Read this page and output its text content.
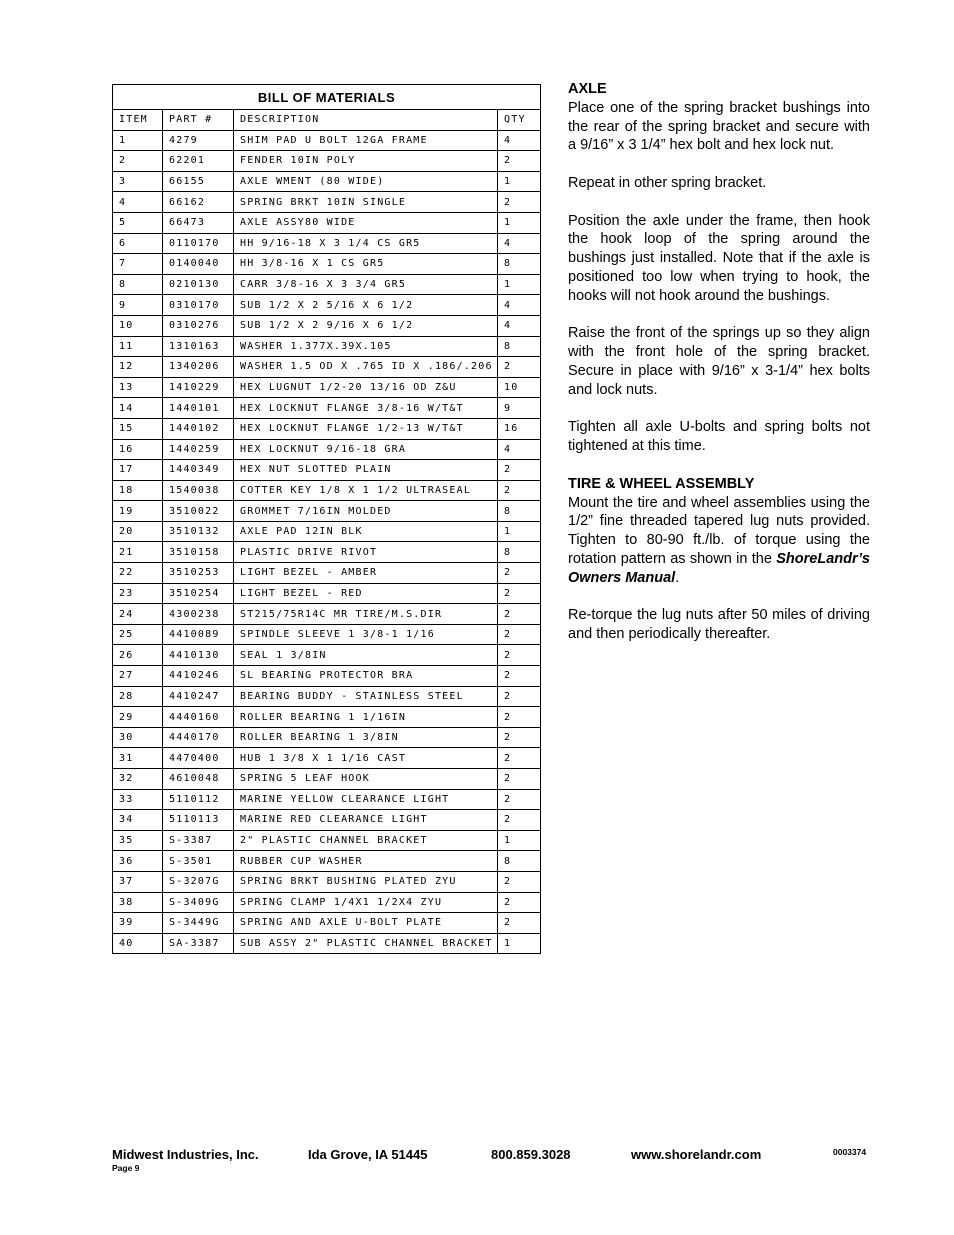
BILL OF MATERIALS			
ITEM	PART #	DESCRIPTION	QTY
1	4279	SHIM PAD U BOLT 12GA FRAME	4
2	62201	FENDER 10IN POLY	2
3	66155	AXLE WMENT (80 WIDE)	1
4	66162	SPRING BRKT 10IN SINGLE	2
5	66473	AXLE ASSY80 WIDE	1
6	0110170	HH 9/16-18 X 3 1/4 CS GR5	4
7	0140040	HH 3/8-16 X 1 CS GR5	8
8	0210130	CARR 3/8-16 X 3 3/4 GR5	1
9	0310170	SUB 1/2 X 2 5/16 X 6 1/2	4
10	0310276	SUB 1/2 X 2 9/16 X 6 1/2	4
11	1310163	WASHER 1.377X.39X.105	8
12	1340206	WASHER 1.5 OD X .765 ID X .186/.206	2
13	1410229	HEX LUGNUT 1/2-20 13/16 OD Z&U	10
14	1440101	HEX LOCKNUT FLANGE 3/8-16 W/T&T	9
15	1440102	HEX LOCKNUT FLANGE 1/2-13 W/T&T	16
16	1440259	HEX LOCKNUT 9/16-18 GRA	4
17	1440349	HEX NUT SLOTTED PLAIN	2
18	1540038	COTTER KEY 1/8 X 1 1/2 ULTRASEAL	2
19	3510022	GROMMET 7/16IN MOLDED	8
20	3510132	AXLE PAD 12IN BLK	1
21	3510158	PLASTIC DRIVE RIVOT	8
22	3510253	LIGHT BEZEL - AMBER	2
23	3510254	LIGHT BEZEL - RED	2
24	4300238	ST215/75R14C MR TIRE/M.S.DIR	2
25	4410089	SPINDLE SLEEVE 1 3/8-1 1/16	2
26	4410130	SEAL 1 3/8IN	2
27	4410246	SL BEARING PROTECTOR BRA	2
28	4410247	BEARING BUDDY - STAINLESS STEEL	2
29	4440160	ROLLER BEARING 1 1/16IN	2
30	4440170	ROLLER BEARING 1 3/8IN	2
31	4470400	HUB 1 3/8 X 1 1/16 CAST	2
32	4610048	SPRING 5 LEAF HOOK	2
33	5110112	MARINE YELLOW CLEARANCE LIGHT	2
34	5110113	MARINE RED CLEARANCE LIGHT	2
35	S-3387	2" PLASTIC CHANNEL BRACKET	1
36	S-3501	RUBBER CUP WASHER	8
37	S-3207G	SPRING BRKT BUSHING PLATED ZYU	2
38	S-3409G	SPRING CLAMP 1/4X1 1/2X4 ZYU	2
39	S-3449G	SPRING AND AXLE U-BOLT PLATE	2
40	SA-3387	SUB ASSY 2" PLASTIC CHANNEL BRACKET	1
AXLE

Place one of the spring bracket bushings into the rear of the spring bracket and secure with a 9/16” x 3 1/4” hex bolt and hex lock nut.

Repeat in other spring bracket.

Position the axle under the frame, then hook the hook loop of the spring around the bushings just installed. Note that if the axle is positioned too low when trying to hook, the hooks will not hook around the bushings.

Raise the front of the springs up so they align with the front hole of the spring bracket. Secure in place with 9/16” x 3-1/4” hex bolts and lock nuts.

Tighten all axle U-bolts and spring bolts not tightened at this time.

TIRE & WHEEL ASSEMBLY

Mount the tire and wheel assemblies using the 1/2” fine threaded tapered lug nuts provided. Tighten to 80-90 ft./lb. of torque using the rotation pattern as shown in the ShoreLandr’s Owners Manual.

Re-torque the lug nuts after 50 miles of driving and then periodically thereafter.

Midwest Industries, Inc.	Ida Grove, IA 51445	800.859.3028	www.shorelandr.com	0003374
Page 9
